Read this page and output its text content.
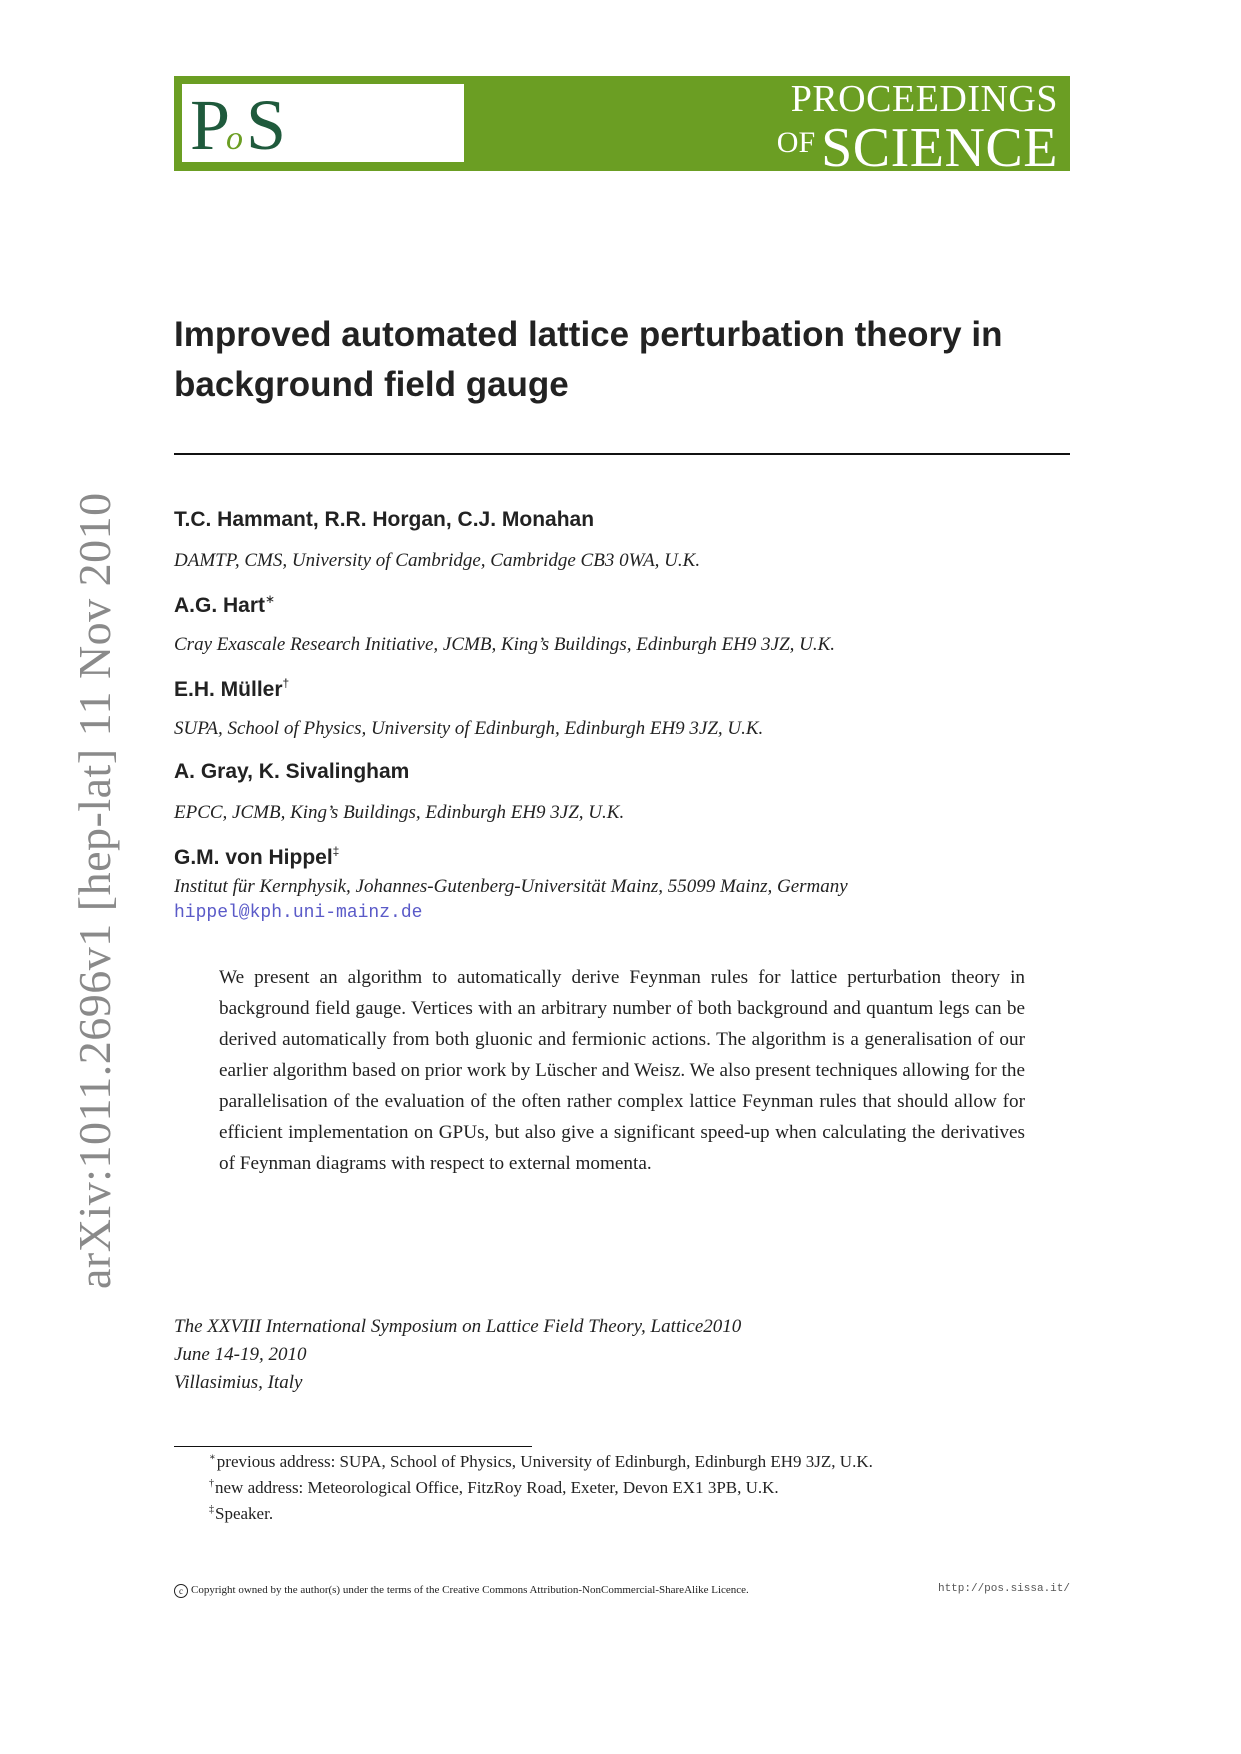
P
o S	PROCEEDINGS
OF SCIENCE
Improved automated lattice perturbation theory in background field gauge
T.C. Hammant, R.R. Horgan, C.J. Monahan
DAMTP, CMS, University of Cambridge, Cambridge CB3 0WA, U.K.
A.G. Hart∗
Cray Exascale Research Initiative, JCMB, King’s Buildings, Edinburgh EH9 3JZ, U.K.
E.H. Müller†
SUPA, School of Physics, University of Edinburgh, Edinburgh EH9 3JZ, U.K.
A. Gray, K. Sivalingham
EPCC, JCMB, King’s Buildings, Edinburgh EH9 3JZ, U.K.
G.M. von Hippel‡
Institut für Kernphysik, Johannes-Gutenberg-Universität Mainz, 55099 Mainz, Germany
hippel@kph.uni-mainz.de

We present an algorithm to automatically derive Feynman rules for lattice perturbation theory in background field gauge. Vertices with an arbitrary number of both background and quantum legs can be derived automatically from both gluonic and fermionic actions. The algorithm is a generalisation of our earlier algorithm based on prior work by Lüscher and Weisz. We also present techniques allowing for the parallelisation of the evaluation of the often rather complex lattice Feynman rules that should allow for efficient implementation on GPUs, but also give a significant speed-up when calculating the derivatives of Feynman diagrams with respect to external momenta.

The XXVIII International Symposium on Lattice Field Theory, Lattice2010
June 14-19, 2010
Villasimius, Italy
∗previous address: SUPA, School of Physics, University of Edinburgh, Edinburgh EH9 3JZ, U.K.
†new address: Meteorological Office, FitzRoy Road, Exeter, Devon EX1 3PB, U.K.
‡Speaker.
c Copyright owned by the author(s) under the terms of the Creative Commons Attribution-NonCommercial-ShareAlike Licence.	http://pos.sissa.it/
arXiv:1011.2696v1 [hep-lat] 11 Nov 2010
